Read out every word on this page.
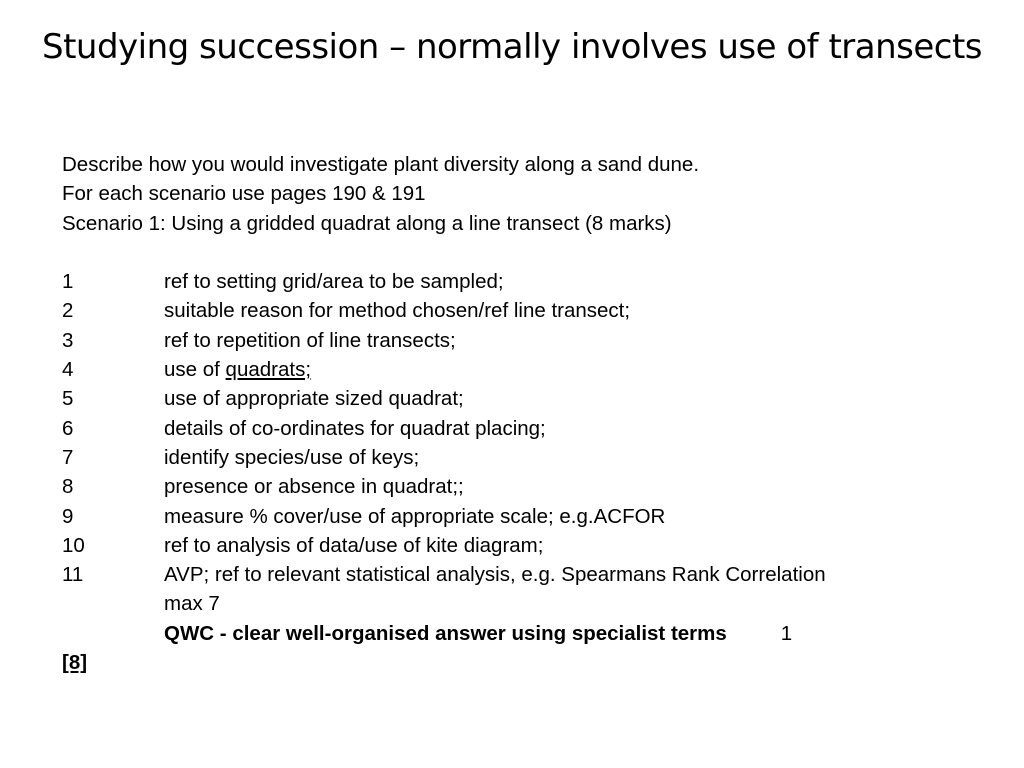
Studying succession – normally involves use of transects
Describe how you would investigate plant diversity along a sand dune.
For each scenario use pages 190 & 191
Scenario 1: Using a gridded quadrat along a line transect (8 marks)
1	ref to setting grid/area to be sampled;
2	suitable reason for method chosen/ref line transect;
3	ref to repetition of line transects;
4	use of quadrats;
5	use of appropriate sized quadrat;
6	details of co-ordinates for quadrat placing;
7	identify species/use of keys;
8	presence or absence in quadrat;;
9	measure % cover/use of appropriate scale; e.g.ACFOR
10	ref to analysis of data/use of kite diagram;
11	AVP; ref to relevant statistical analysis, e.g. Spearmans Rank Correlation
max 7
QWC - clear well-organised answer using specialist terms	1
[8]
